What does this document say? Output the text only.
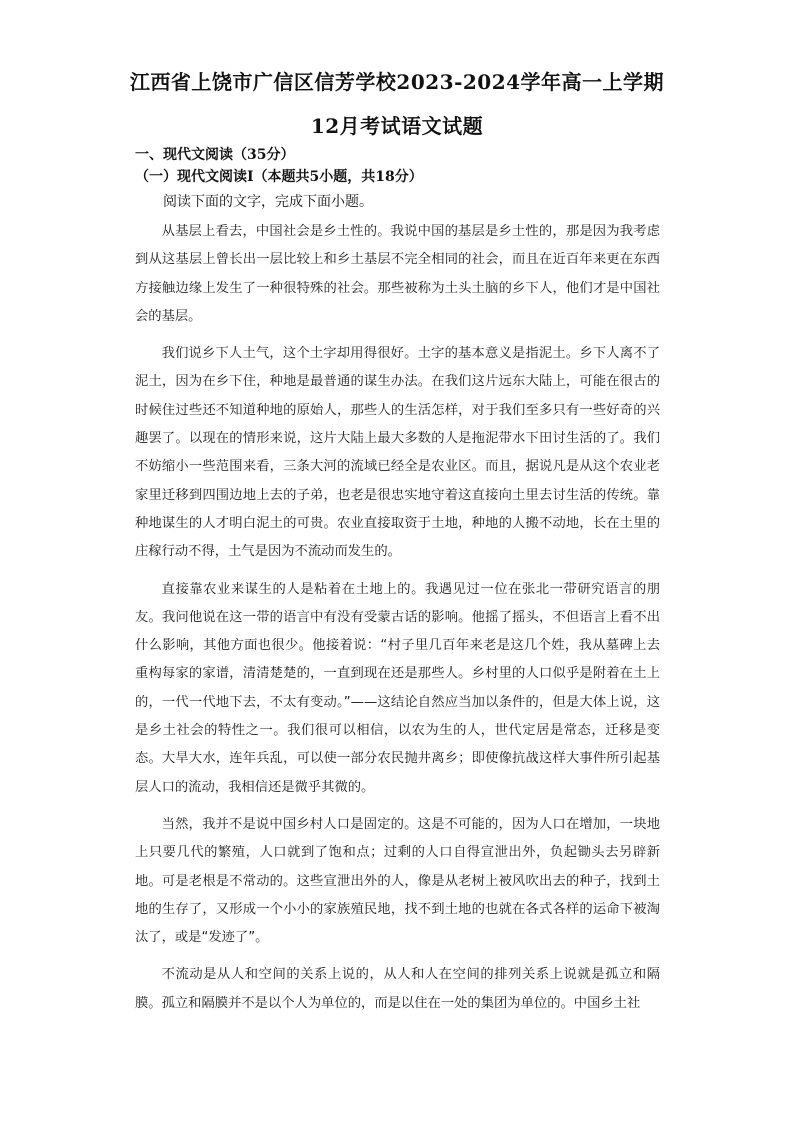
江西省上饶市广信区信芳学校2023-2024学年高一上学期
12月考试语文试题
一、现代文阅读（35分）
（一）现代文阅读Ⅰ（本题共5小题，共18分）
阅读下面的文字，完成下面小题。

从基层上看去，中国社会是乡土性的。我说中国的基层是乡土性的，那是因为我考虑到从这基层上曾长出一层比较上和乡土基层不完全相同的社会，而且在近百年来更在东西方接触边缘上发生了一种很特殊的社会。那些被称为土头土脑的乡下人，他们才是中国社会的基层。

我们说乡下人土气，这个土字却用得很好。土字的基本意义是指泥土。乡下人离不了泥土，因为在乡下住，种地是最普通的谋生办法。在我们这片远东大陆上，可能在很古的时候住过些还不知道种地的原始人，那些人的生活怎样，对于我们至多只有一些好奇的兴趣罢了。以现在的情形来说，这片大陆上最大多数的人是拖泥带水下田讨生活的了。我们不妨缩小一些范围来看，三条大河的流域已经全是农业区。而且，据说凡是从这个农业老家里迁移到四围边地上去的子弟，也老是很忠实地守着这直接向土里去讨生活的传统。靠种地谋生的人才明白泥土的可贵。农业直接取资于土地，种地的人搬不动地，长在土里的庄稼行动不得，土气是因为不流动而发生的。

直接靠农业来谋生的人是粘着在土地上的。我遇见过一位在张北一带研究语言的朋友。我问他说在这一带的语言中有没有受蒙古话的影响。他摇了摇头，不但语言上看不出什么影响，其他方面也很少。他接着说：“村子里几百年来老是这几个姓，我从墓碑上去重构每家的家谱，清清楚楚的，一直到现在还是那些人。乡村里的人口似乎是附着在土上的，一代一代地下去，不太有变动。”——这结论自然应当加以条件的，但是大体上说，这是乡土社会的特性之一。我们很可以相信，以农为生的人，世代定居是常态，迁移是变态。大旱大水，连年兵乱，可以使一部分农民抛井离乡；即使像抗战这样大事件所引起基层人口的流动，我相信还是微乎其微的。

当然，我并不是说中国乡村人口是固定的。这是不可能的，因为人口在增加，一块地上只要几代的繁殖，人口就到了饱和点；过剩的人口自得宣泄出外，负起锄头去另辟新地。可是老根是不常动的。这些宣泄出外的人，像是从老树上被风吹出去的种子，找到土地的生存了，又形成一个小小的家族殖民地，找不到土地的也就在各式各样的运命下被淘汰了，或是“发迹了”。

不流动是从人和空间的关系上说的，从人和人在空间的排列关系上说就是孤立和隔膜。孤立和隔膜并不是以个人为单位的，而是以住在一处的集团为单位的。中国乡土社
